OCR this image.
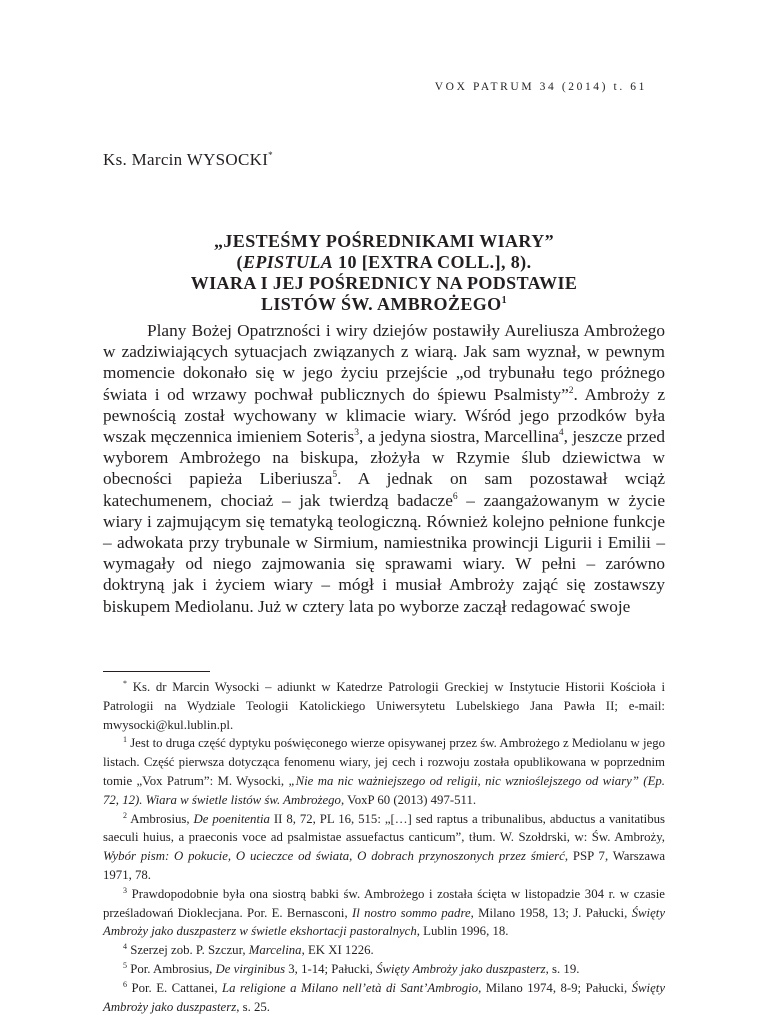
VOX PATRUM 34 (2014) t. 61
Ks. Marcin WYSOCKI*
„JESTEŚMY POŚREDNIKAMI WIARY”
(EPISTULA 10 [EXTRA COLL.], 8).
WIARA I JEJ POŚREDNICY NA PODSTAWIE
LISTÓW ŚW. AMBROŻEGO$^1$

Plany Bożej Opatrzności i wiry dziejów postawiły Aureliusza Ambrożego w zadziwiających sytuacjach związanych z wiarą. Jak sam wyznał, w pewnym momencie dokonało się w jego życiu przejście „od trybunału tego próżnego świata i od wrzawy pochwał publicznych do śpiewu Psalmisty”$^2$. Ambroży z pewnością został wychowany w klimacie wiary. Wśród jego przodków była wszak męczennica imieniem Soteris$^3$, a jedyna siostra, Marcellina$^4$, jeszcze przed wyborem Ambrożego na biskupa, złożyła w Rzymie ślub dziewictwa w obecności papieża Liberiusza$^5$. A jednak on sam pozostawał wciąż katechumenem, chociaż – jak twierdzą badacze$^6$ – zaangażowanym w życie wiary i zajmującym się tematyką teologiczną. Również kolejno pełnione funkcje – adwokata przy trybunale w Sirmium, namiestnika prowincji Ligurii i Emilii – wymagały od niego zajmowania się sprawami wiary. W pełni – zarówno doktryną jak i życiem wiary – mógł i musiał Ambroży zająć się zostawszy biskupem Mediolanu. Już w cztery lata po wyborze zaczął redagować swoje

* Ks. dr Marcin Wysocki – adiunkt w Katedrze Patrologii Greckiej w Instytucie Historii Kościoła i Patrologii na Wydziale Teologii Katolickiego Uniwersytetu Lubelskiego Jana Pawła II; e-mail: mwysocki@kul.lublin.pl.

$^1$ Jest to druga część dyptyku poświęconego wierze opisywanej przez św. Ambrożego z Mediolanu w jego listach. Część pierwsza dotycząca fenomenu wiary, jej cech i rozwoju została opublikowana w poprzednim tomie „Vox Patrum”: M. Wysocki, „Nie ma nic ważniejszego od religii, nic wznioślejszego od wiary” (Ep. 72, 12). Wiara w świetle listów św. Ambrożego, VoxP 60 (2013) 497-511.

$^2$ Ambrosius, De poenitentia II 8, 72, PL 16, 515: „[…] sed raptus a tribunalibus, abductus a vanitatibus saeculi huius, a praeconis voce ad psalmistae assuefactus canticum”, tłum. W. Szołdrski, w: Św. Ambroży, Wybór pism: O pokucie, O ucieczce od świata, O dobrach przynoszonych przez śmierć, PSP 7, Warszawa 1971, 78.

$^3$ Prawdopodobnie była ona siostrą babki św. Ambrożego i została ścięta w listopadzie 304 r. w czasie prześladowań Dioklecjana. Por. E. Bernasconi, Il nostro sommo padre, Milano 1958, 13; J. Pałucki, Święty Ambroży jako duszpasterz w świetle ekshortacji pastoralnych, Lublin 1996, 18.

$^4$ Szerzej zob. P. Szczur, Marcelina, EK XI 1226.

$^5$ Por. Ambrosius, De virginibus 3, 1-14; Pałucki, Święty Ambroży jako duszpasterz, s. 19.

$^6$ Por. E. Cattanei, La religione a Milano nell’età di Sant’Ambrogio, Milano 1974, 8-9; Pałucki, Święty Ambroży jako duszpasterz, s. 25.
